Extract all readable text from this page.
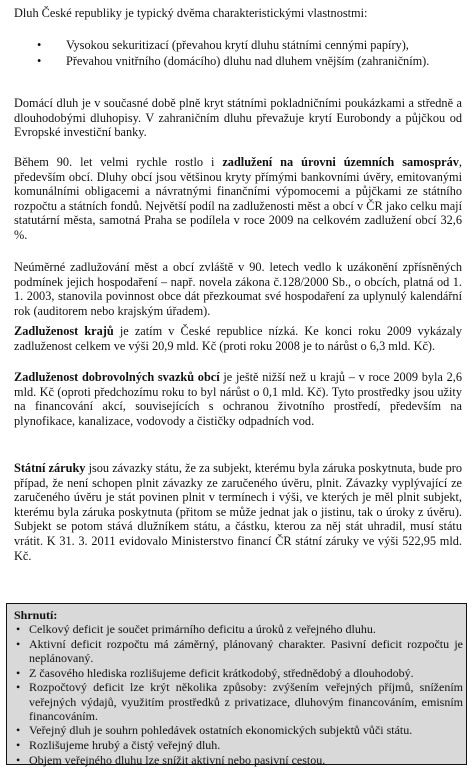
Dluh České republiky je typický dvěma charakteristickými vlastnostmi:

• Vysokou sekuritizací (převahou krytí dluhu státními cennými papíry),
• Převahou vnitřního (domácího) dluhu nad dluhem vnějším (zahraničním).

Domácí dluh je v současné době plně kryt státními pokladničními poukázkami a středně a dlouhodobými dluhopisy. V zahraničním dluhu převažuje krytí Eurobondy a půjčkou od Evropské investiční banky.

Během 90. let velmi rychle rostlo i zadlužení na úrovni územních samospráv, především obcí. Dluhy obcí jsou většinou kryty přímými bankovními úvěry, emitovanými komunálními obligacemi a návratnými finančními výpomocemi a půjčkami ze státního rozpočtu a státních fondů. Největší podíl na zadluženosti měst a obcí v ČR jako celku mají statutární města, samotná Praha se podílela v roce 2009 na celkovém zadlužení obcí 32,6 %.

Neúměrné zadlužování měst a obcí zvláště v 90. letech vedlo k uzákonění zpřísněných podmínek jejich hospodaření – např. novela zákona č.128/2000 Sb., o obcích, platná od 1. 1. 2003, stanovila povinnost obce dát přezkoumat své hospodaření za uplynulý kalendářní rok (auditorem nebo krajským úřadem).

Zadluženost krajů je zatím v České republice nízká. Ke konci roku 2009 vykázaly zadluženost celkem ve výši 20,9 mld. Kč (proti roku 2008 je to nárůst o 6,3 mld. Kč).

Zadluženost dobrovolných svazků obcí je ještě nižší než u krajů – v roce 2009 byla 2,6 mld. Kč (oproti předchozímu roku to byl nárůst o 0,1 mld. Kč). Tyto prostředky jsou užity na financování akcí, souvisejících s ochranou životního prostředí, především na plynofikace, kanalizace, vodovody a čističky odpadních vod.

Státní záruky jsou závazky státu, že za subjekt, kterému byla záruka poskytnuta, bude pro případ, že není schopen plnit závazky ze zaručeného úvěru, plnit. Závazky vyplývající ze zaručeného úvěru je stát povinen plnit v termínech i výši, ve kterých je měl plnit subjekt, kterému byla záruka poskytnuta (přitom se může jednat jak o jistinu, tak o úroky z úvěru). Subjekt se potom stává dlužníkem státu, a částku, kterou za něj stát uhradil, musí státu vrátit. K 31. 3. 2011 evidovalo Ministerstvo financí ČR státní záruky ve výši 522,95 mld. Kč.

Shrnutí:
• Celkový deficit je součet primárního deficitu a úroků z veřejného dluhu.
• Aktivní deficit rozpočtu má záměrný, plánovaný charakter. Pasivní deficit rozpočtu je neplánovaný.
• Z časového hlediska rozlišujeme deficit krátkodobý, střednědobý a dlouhodobý.
• Rozpočtový deficit lze krýt několika způsoby: zvýšením veřejných příjmů, snížením veřejných výdajů, využitím prostředků z privatizace, dluhovým financováním, emisním financováním.
• Veřejný dluh je souhrn pohledávek ostatních ekonomických subjektů vůči státu.
• Rozlišujeme hrubý a čistý veřejný dluh.
• Objem veřejného dluhu lze snížit aktivní nebo pasivní cestou.
